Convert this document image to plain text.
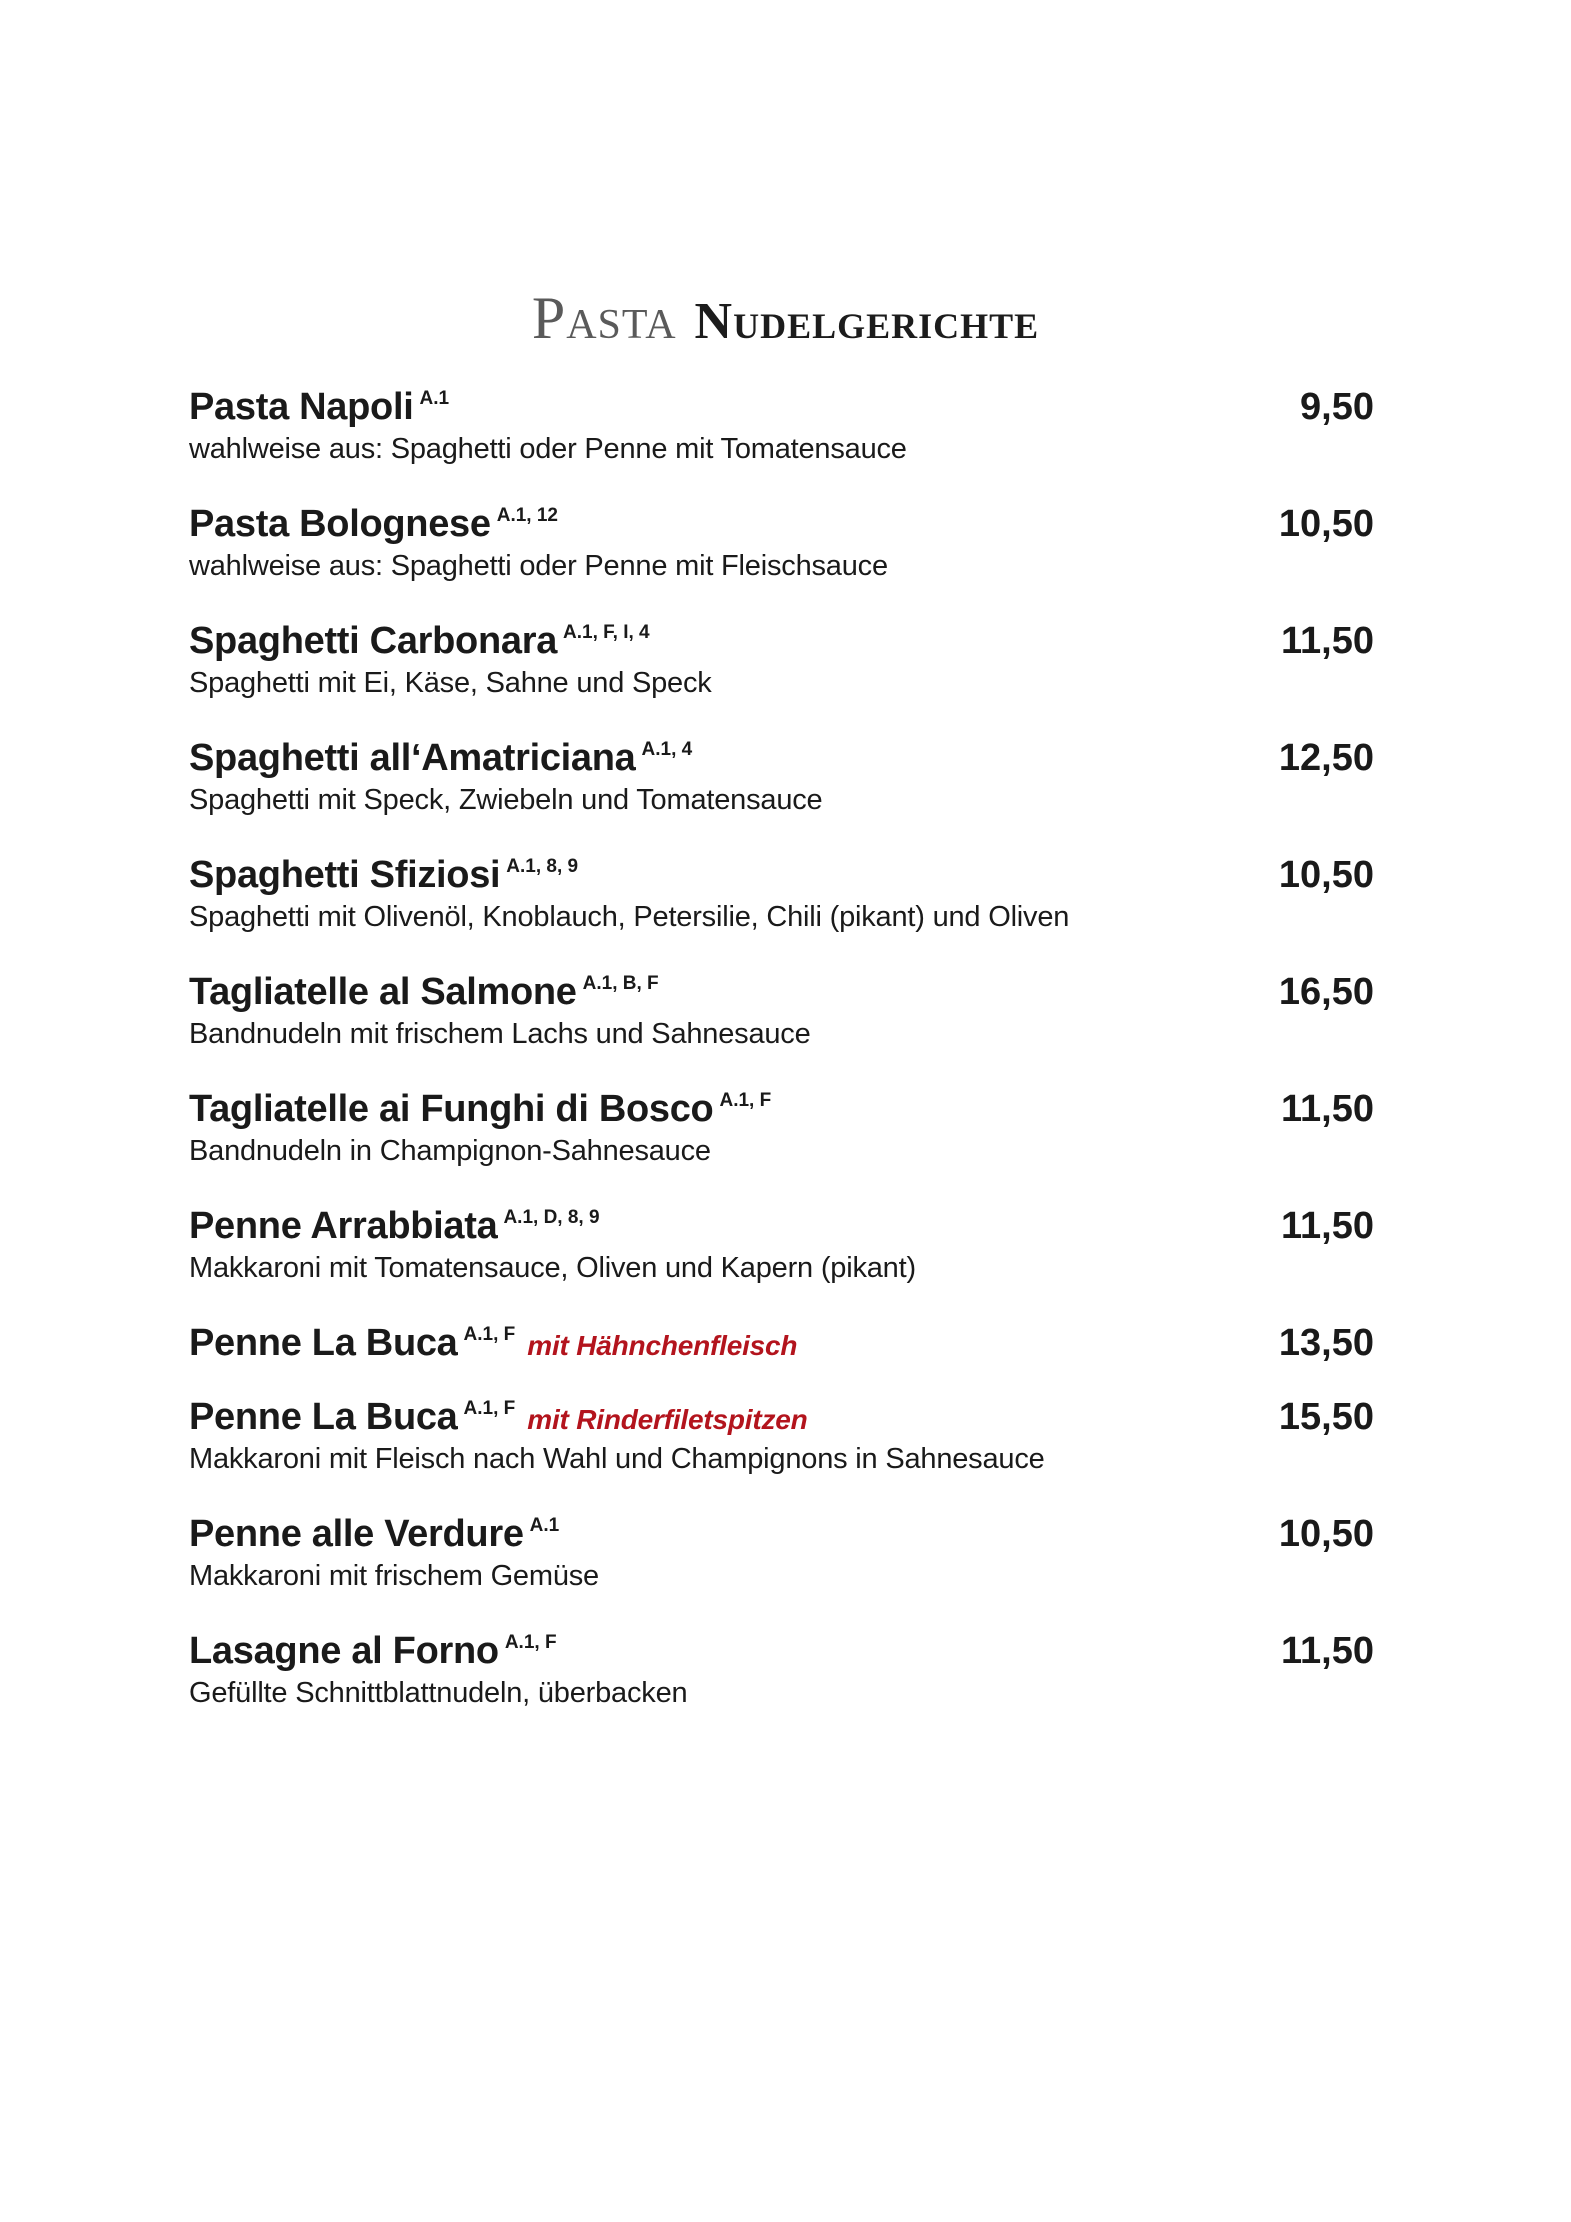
Pasta Nudelgerichte
Pasta Napoli A.1	9,50
wahlweise aus: Spaghetti oder Penne mit Tomatensauce
Pasta Bolognese A.1, 12	10,50
wahlweise aus: Spaghetti oder Penne mit Fleischsauce
Spaghetti Carbonara A.1, F, I, 4	11,50
Spaghetti mit Ei, Käse, Sahne und Speck
Spaghetti all‘Amatriciana A.1, 4	12,50
Spaghetti mit Speck, Zwiebeln und Tomatensauce
Spaghetti Sfiziosi A.1, 8, 9	10,50
Spaghetti mit Olivenöl, Knoblauch, Petersilie, Chili (pikant) und Oliven
Tagliatelle al Salmone A.1, B, F	16,50
Bandnudeln mit frischem Lachs und Sahnesauce
Tagliatelle ai Funghi di Bosco A.1, F	11,50
Bandnudeln in Champignon-Sahnesauce
Penne Arrabbiata A.1, D, 8, 9	11,50
Makkaroni mit Tomatensauce, Oliven und Kapern (pikant)
Penne La Buca A.1, F mit Hähnchenfleisch	13,50
Penne La Buca A.1, F mit Rinderfiletspitzen	15,50
Makkaroni mit Fleisch nach Wahl und Champignons in Sahnesauce
Penne alle Verdure A.1	10,50
Makkaroni mit frischem Gemüse
Lasagne al Forno A.1, F	11,50
Gefüllte Schnittblattnudeln, überbacken
